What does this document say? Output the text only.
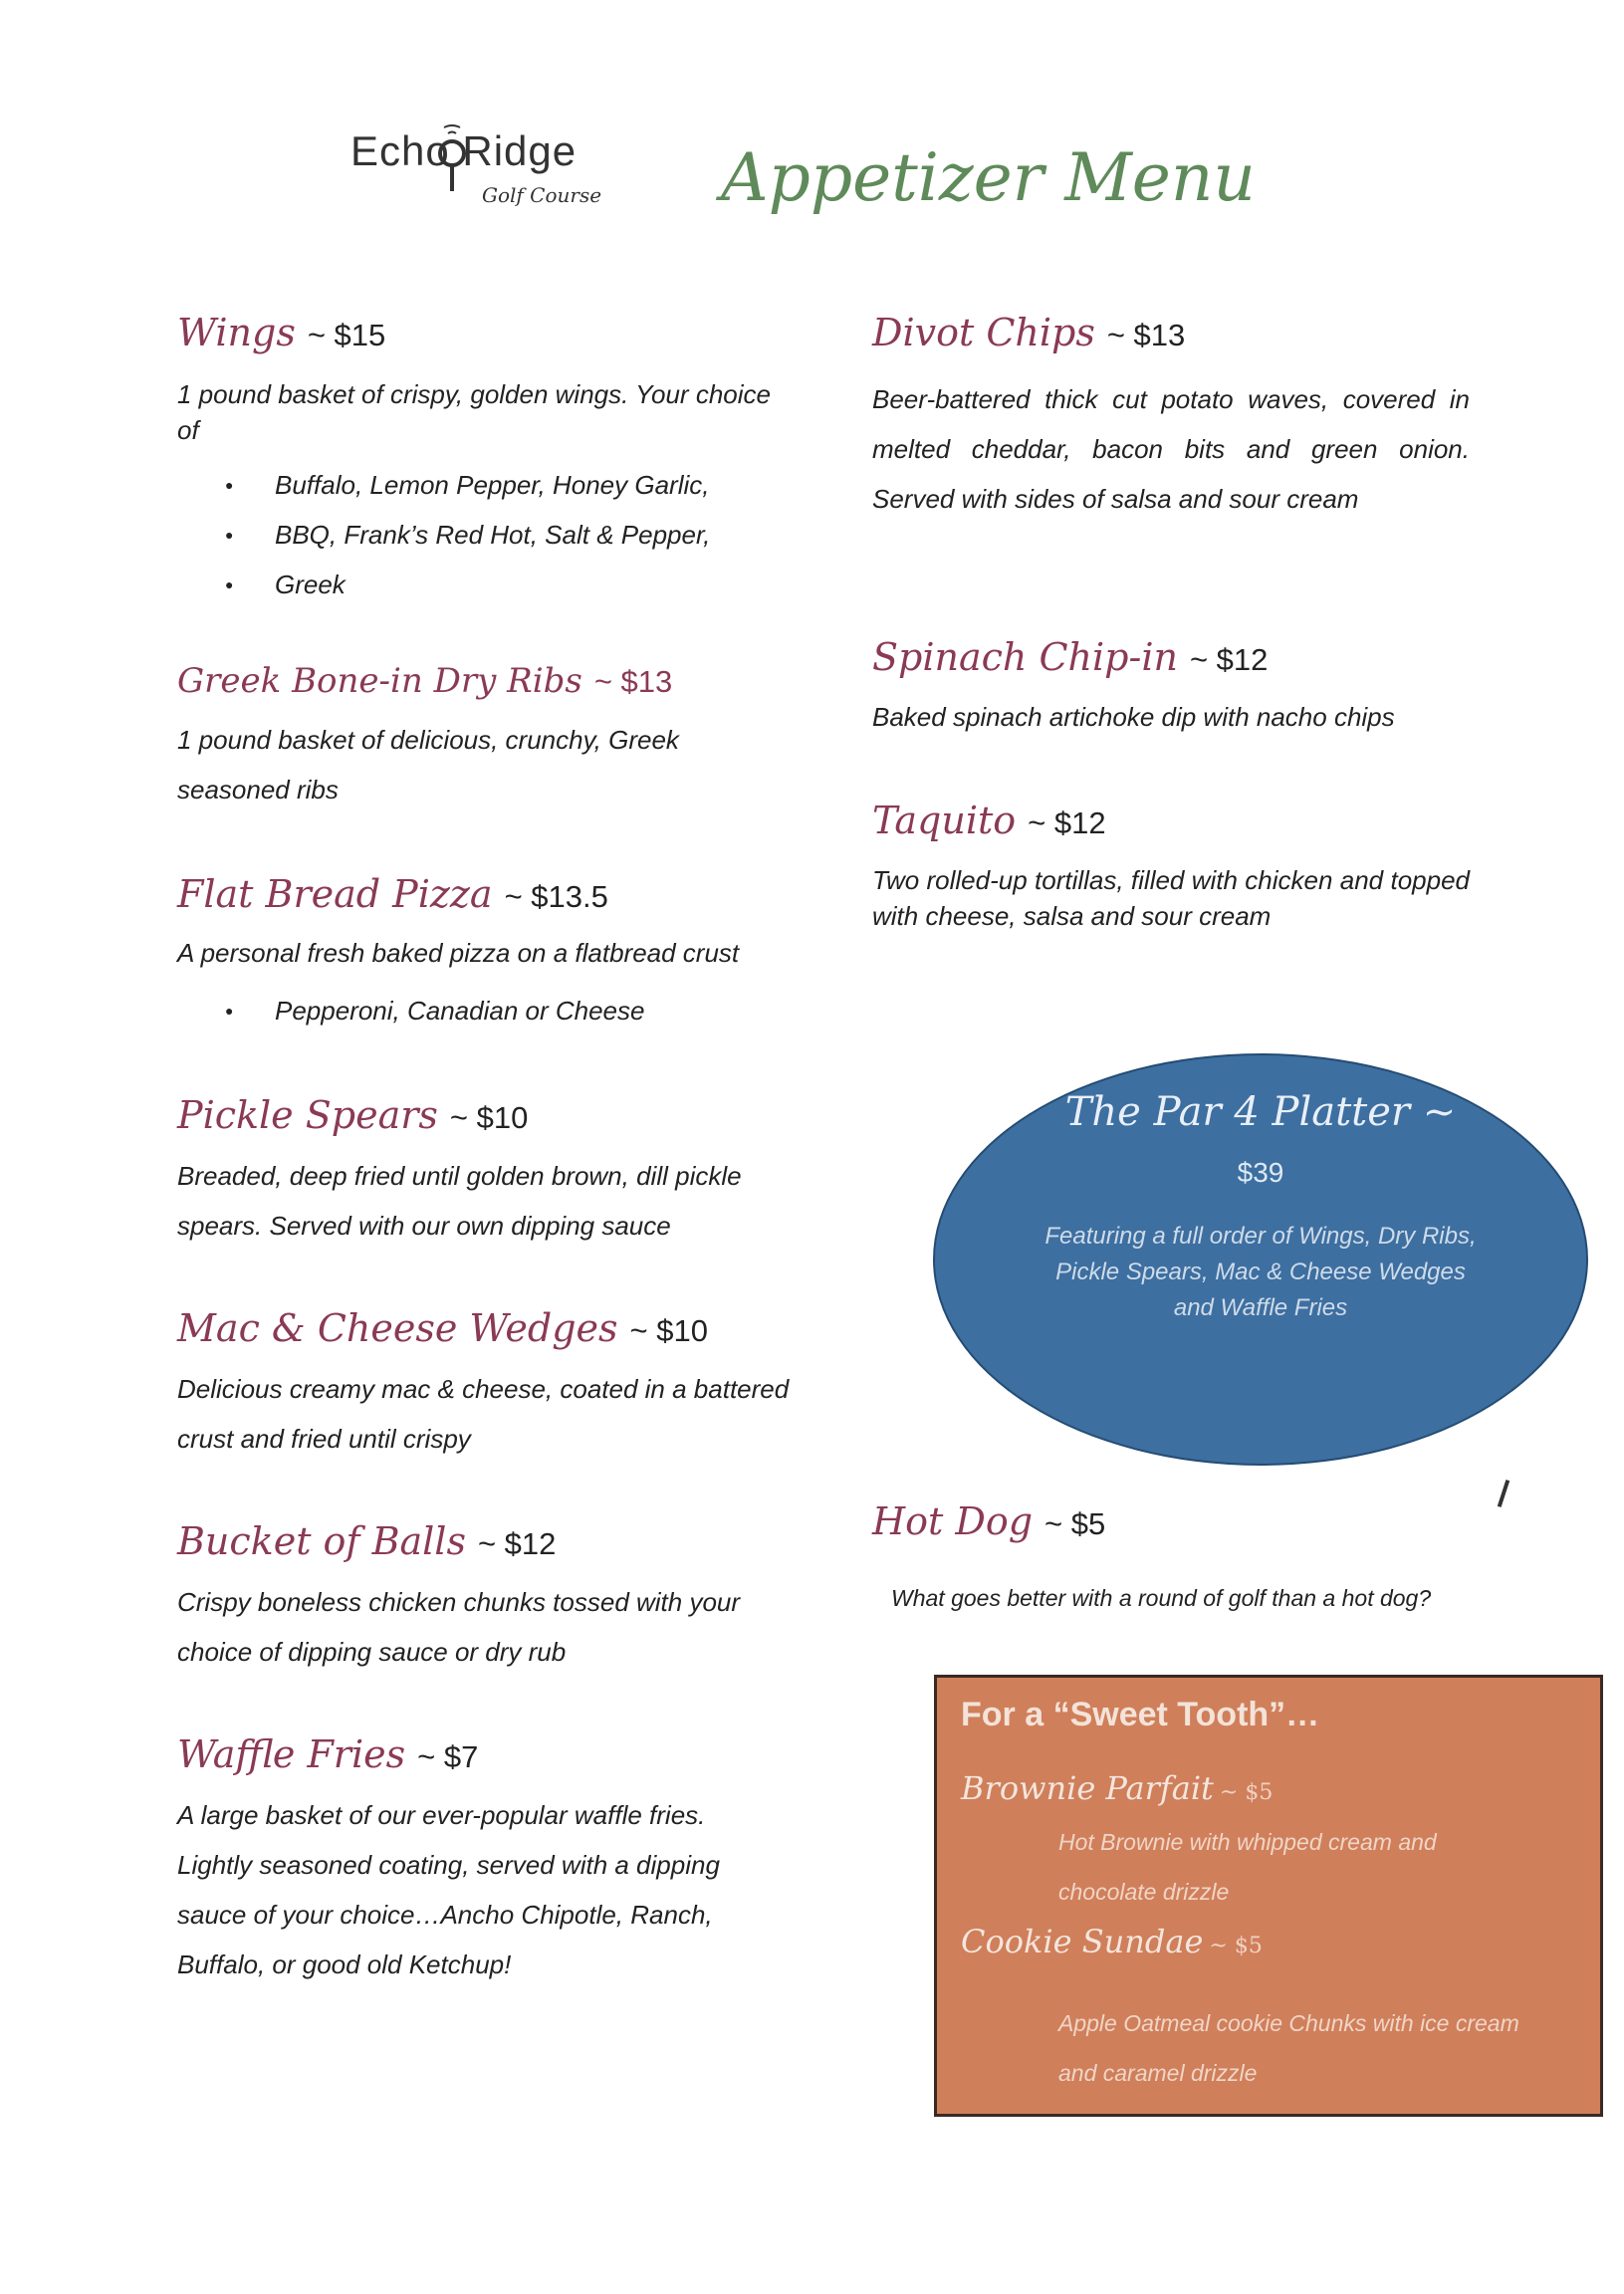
Echo Ridge
Golf Course Appetizer Menu
Wings ~ $15
1 pound basket of crispy, golden wings. Your choice of
● Buffalo, Lemon Pepper, Honey Garlic,
● BBQ, Frank’s Red Hot, Salt & Pepper,
● Greek
Greek Bone-in Dry Ribs ~ $13
1 pound basket of delicious, crunchy, Greek seasoned ribs
Flat Bread Pizza ~ $13.5
A personal fresh baked pizza on a flatbread crust
● Pepperoni, Canadian or Cheese
Pickle Spears ~ $10
Breaded, deep fried until golden brown, dill pickle spears. Served with our own dipping sauce
Mac & Cheese Wedges ~ $10
Delicious creamy mac & cheese, coated in a battered crust and fried until crispy
Bucket of Balls ~ $12
Crispy boneless chicken chunks tossed with your choice of dipping sauce or dry rub
Waffle Fries ~ $7
A large basket of our ever-popular waffle fries. Lightly seasoned coating, served with a dipping sauce of your choice…Ancho Chipotle, Ranch, Buffalo, or good old Ketchup!
Divot Chips ~ $13
Beer-battered thick cut potato waves, covered in melted cheddar, bacon bits and green onion. Served with sides of salsa and sour cream
Spinach Chip-in ~ $12
Baked spinach artichoke dip with nacho chips
Taquito ~ $12
Two rolled-up tortillas, filled with chicken and topped with cheese, salsa and sour cream
The Par 4 Platter ~
$39
Featuring a full order of Wings, Dry Ribs, Pickle Spears, Mac & Cheese Wedges and Waffle Fries
Hot Dog ~ $5
What goes better with a round of golf than a hot dog?
For a “Sweet Tooth”…
Brownie Parfait ~ $5
Hot Brownie with whipped cream and chocolate drizzle
Cookie Sundae ~ $5
Apple Oatmeal cookie Chunks with ice cream and caramel drizzle
